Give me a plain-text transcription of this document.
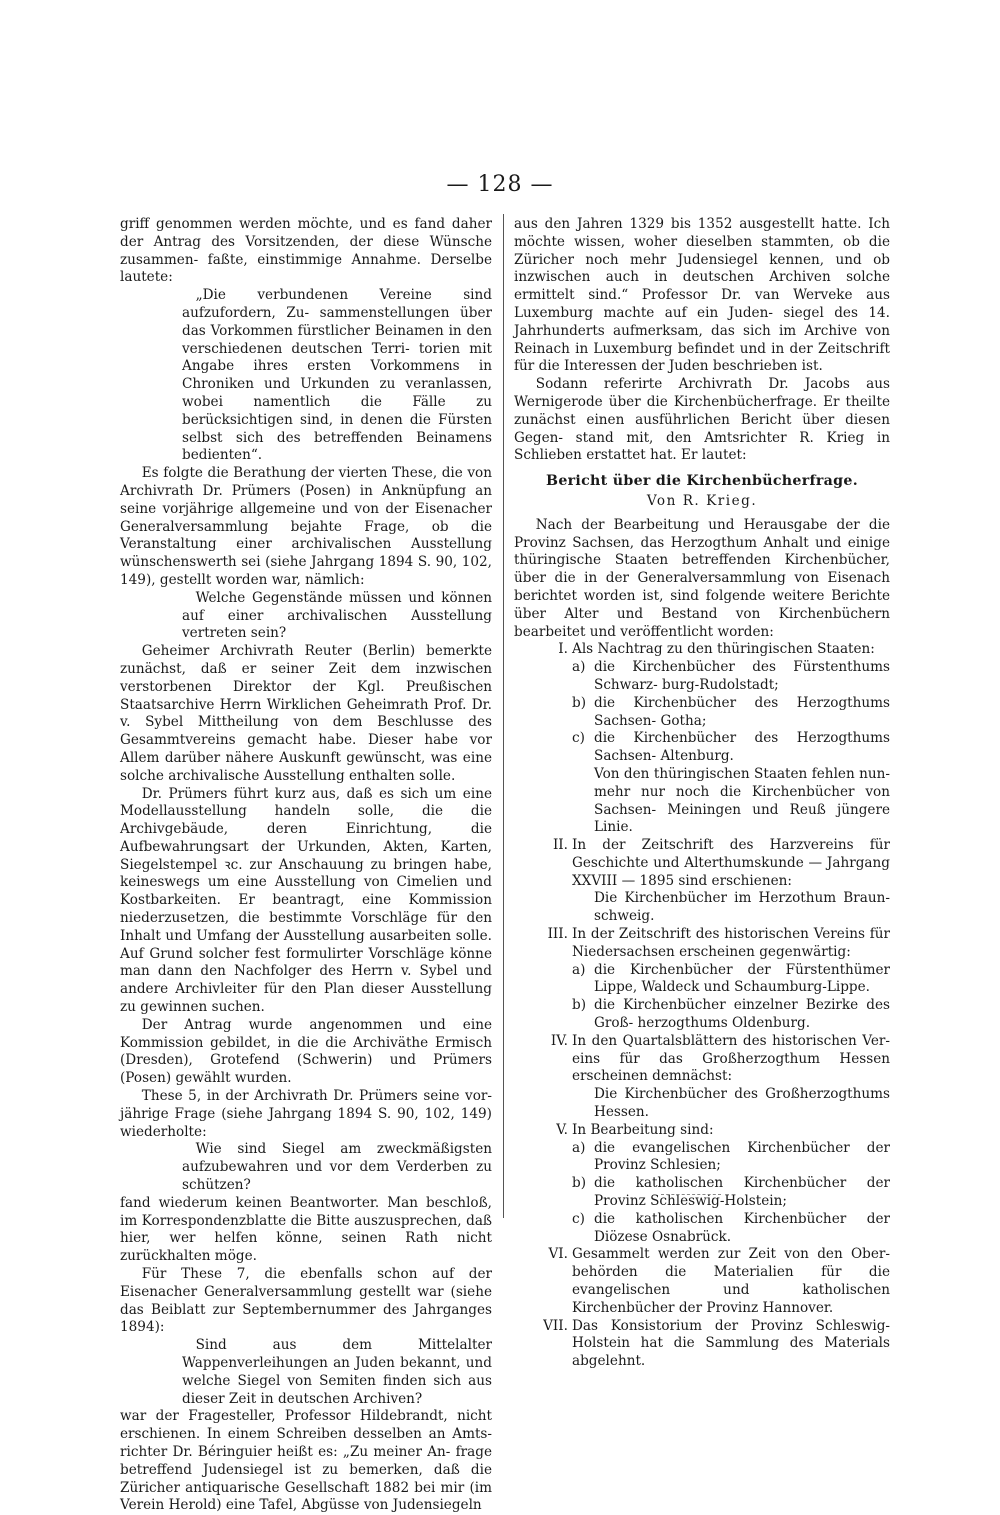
— 128 —

griff genommen werden möchte, und es fand daher der Antrag des Vorsitzenden, der diese Wünsche zusammen- faßte, einstimmige Annahme. Derselbe lautete:

„Die verbundenen Vereine sind aufzufordern, Zu- sammenstellungen über das Vorkommen fürstlicher Beinamen in den verschiedenen deutschen Terri- torien mit Angabe ihres ersten Vorkommens in Chroniken und Urkunden zu veranlassen, wobei namentlich die Fälle zu berücksichtigen sind, in denen die Fürsten selbst sich des betreffenden Beinamens bedienten“.

Es folgte die Berathung der vierten These, die von Archivrath Dr. Prümers (Posen) in Anknüpfung an seine vorjährige allgemeine und von der Eisenacher Generalversammlung bejahte Frage, ob die Veranstaltung einer archivalischen Ausstellung wünschenswerth sei (siehe Jahrgang 1894 S. 90, 102, 149), gestellt worden war, nämlich:

Welche Gegenstände müssen und können auf einer archivalischen Ausstellung vertreten sein?

Geheimer Archivrath Reuter (Berlin) bemerkte zunächst, daß er seiner Zeit dem inzwischen verstorbenen Direktor der Kgl. Preußischen Staatsarchive Herrn Wirklichen Geheimrath Prof. Dr. v. Sybel Mittheilung von dem Beschlusse des Gesammtvereins gemacht habe. Dieser habe vor Allem darüber nähere Auskunft gewünscht, was eine solche archivalische Ausstellung enthalten solle.

Dr. Prümers führt kurz aus, daß es sich um eine Modellausstellung handeln solle, die die Archivgebäude, deren Einrichtung, die Aufbewahrungsart der Urkunden, Akten, Karten, Siegelstempel ꝛc. zur Anschauung zu bringen habe, keineswegs um eine Ausstellung von Cimelien und Kostbarkeiten. Er beantragt, eine Kommission niederzusetzen, die bestimmte Vorschläge für den Inhalt und Umfang der Ausstellung ausarbeiten solle. Auf Grund solcher fest formulirter Vorschläge könne man dann den Nachfolger des Herrn v. Sybel und andere Archivleiter für den Plan dieser Ausstellung zu gewinnen suchen.

Der Antrag wurde angenommen und eine Kommission gebildet, in die die Archiväthe Ermisch (Dresden), Grotefend (Schwerin) und Prümers (Posen) gewählt wurden.

These 5, in der Archivrath Dr. Prümers seine vor- jährige Frage (siehe Jahrgang 1894 S. 90, 102, 149) wiederholte:

Wie sind Siegel am zweckmäßigsten aufzubewahren und vor dem Verderben zu schützen?

fand wiederum keinen Beantworter. Man beschloß, im Korrespondenzblatte die Bitte auszusprechen, daß hier, wer helfen könne, seinen Rath nicht zurückhalten möge.

Für These 7, die ebenfalls schon auf der Eisenacher Generalversammlung gestellt war (siehe das Beiblatt zur Septembernummer des Jahrganges 1894):

Sind aus dem Mittelalter Wappenverleihungen an Juden bekannt, und welche Siegel von Semiten finden sich aus dieser Zeit in deutschen Archiven?

war der Fragesteller, Professor Hildebrandt, nicht erschienen. In einem Schreiben desselben an Amts- richter Dr. Béringuier heißt es: „Zu meiner An- frage betreffend Judensiegel ist zu bemerken, daß die Züricher antiquarische Gesellschaft 1882 bei mir (im Verein Herold) eine Tafel, Abgüsse von Judensiegeln

aus den Jahren 1329 bis 1352 ausgestellt hatte. Ich möchte wissen, woher dieselben stammten, ob die Züricher noch mehr Judensiegel kennen, und ob inzwischen auch in deutschen Archiven solche ermittelt sind.“ Professor Dr. van Werveke aus Luxemburg machte auf ein Juden- siegel des 14. Jahrhunderts aufmerksam, das sich im Archive von Reinach in Luxemburg befindet und in der Zeitschrift für die Interessen der Juden beschrieben ist.

Sodann referirte Archivrath Dr. Jacobs aus Wernigerode über die Kirchenbücherfrage. Er theilte zunächst einen ausführlichen Bericht über diesen Gegen- stand mit, den Amtsrichter R. Krieg in Schlieben erstattet hat. Er lautet:

Bericht über die Kirchenbücherfrage.

Von R. Krieg.

Nach der Bearbeitung und Herausgabe der die Provinz Sachsen, das Herzogthum Anhalt und einige thüringische Staaten betreffenden Kirchenbücher, über die in der Generalversammlung von Eisenach berichtet worden ist, sind folgende weitere Berichte über Alter und Bestand von Kirchenbüchern bearbeitet und veröffentlicht worden:

I. Als Nachtrag zu den thüringischen Staaten:
a) die Kirchenbücher des Fürstenthums Schwarz- burg-Rudolstadt;
b) die Kirchenbücher des Herzogthums Sachsen- Gotha;
c) die Kirchenbücher des Herzogthums Sachsen- Altenburg.

Von den thüringischen Staaten fehlen nun- mehr nur noch die Kirchenbücher von Sachsen- Meiningen und Reuß jüngere Linie.

II. In der Zeitschrift des Harzvereins für Geschichte und Alterthumskunde — Jahrgang XXVIII — 1895 sind erschienen:

Die Kirchenbücher im Herzothum Braun- schweig.

III. In der Zeitschrift des historischen Vereins für Niedersachsen erscheinen gegenwärtig:
a) die Kirchenbücher der Fürstenthümer Lippe, Waldeck und Schaumburg-Lippe.
b) die Kirchenbücher einzelner Bezirke des Groß- herzogthums Oldenburg.
IV. In den Quartalsblättern des historischen Ver- eins für das Großherzogthum Hessen erscheinen demnächst:

Die Kirchenbücher des Großherzogthums Hessen.

V. In Bearbeitung sind:
a) die evangelischen Kirchenbücher der Provinz Schlesien;
b) die katholischen Kirchenbücher der Provinz Schleswig-Holstein;
c) die katholischen Kirchenbücher der Diözese Osnabrück.
VI. Gesammelt werden zur Zeit von den Ober- behörden die Materialien für die evangelischen und katholischen Kirchenbücher der Provinz Hannover.
VII. Das Konsistorium der Provinz Schleswig-Holstein hat die Sammlung des Materials abgelehnt.
